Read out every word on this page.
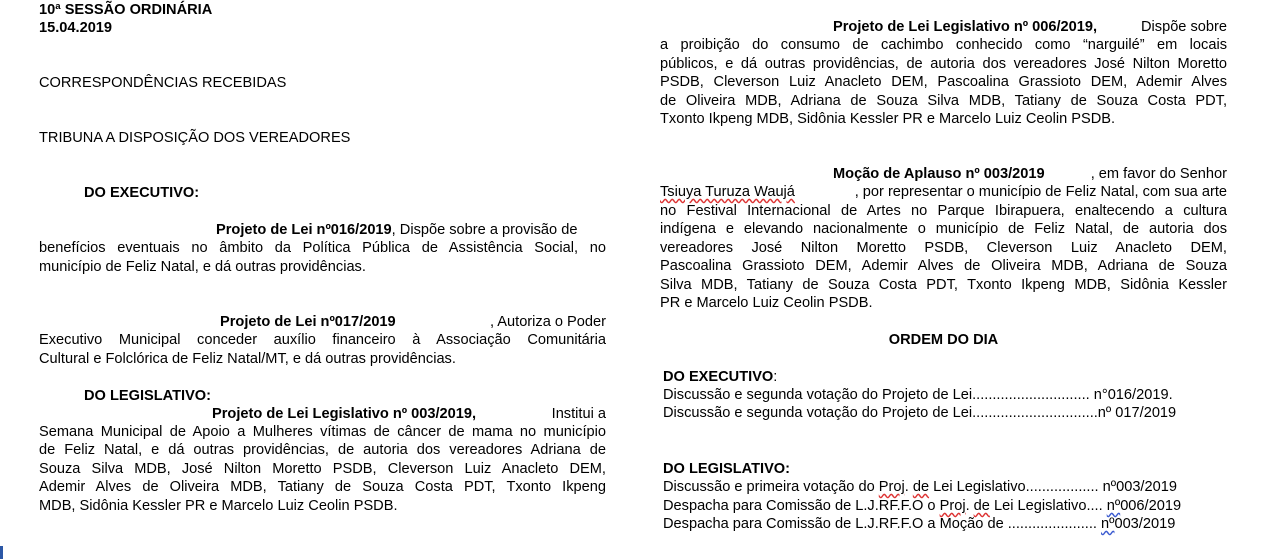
10ª SESSÃO ORDINÁRIA
15.04.2019
CORRESPONDÊNCIAS RECEBIDAS
TRIBUNA A DISPOSIÇÃO DOS VEREADORES
DO EXECUTIVO:
Projeto de Lei nº016/2019, Dispõe sobre a provisão de
benefícios eventuais no âmbito da Política Pública de Assistência Social, no
município de Feliz Natal, e dá outras providências.
Projeto de Lei nº017/2019	, Autoriza o Poder
Executivo Municipal conceder auxílio financeiro à Associação Comunitária
Cultural e Folclórica de Feliz Natal/MT, e dá outras providências.
DO LEGISLATIVO:
Projeto de Lei Legislativo nº 003/2019,	Institui a
Semana Municipal de Apoio a Mulheres vítimas de câncer de mama no município
de Feliz Natal, e dá outras providências, de autoria dos vereadores Adriana de
Souza Silva MDB, José Nilton Moretto PSDB, Cleverson Luiz Anacleto DEM,
Ademir Alves de Oliveira MDB, Tatiany de Souza Costa PDT, Txonto Ikpeng
MDB, Sidônia Kessler PR e Marcelo Luiz Ceolin PSDB.
Projeto de Lei Legislativo nº 006/2019,	Dispõe sobre
a proibição do consumo de cachimbo conhecido como “narguilé” em locais
públicos, e dá outras providências, de autoria dos vereadores José Nilton Moretto
PSDB, Cleverson Luiz Anacleto DEM, Pascoalina Grassioto DEM, Ademir Alves
de Oliveira MDB, Adriana de Souza Silva MDB, Tatiany de Souza Costa PDT,
Txonto Ikpeng MDB, Sidônia Kessler PR e Marcelo Luiz Ceolin PSDB.
Moção de Aplauso nº 003/2019	, em favor do Senhor
Tsiuya Turuza Waujá	, por representar o município de Feliz Natal, com sua arte
no Festival Internacional de Artes no Parque Ibirapuera, enaltecendo a cultura
indígena e elevando nacionalmente o município de Feliz Natal, de autoria dos
vereadores José Nilton Moretto PSDB, Cleverson Luiz Anacleto DEM,
Pascoalina Grassioto DEM, Ademir Alves de Oliveira MDB, Adriana de Souza
Silva MDB, Tatiany de Souza Costa PDT, Txonto Ikpeng MDB, Sidônia Kessler
PR e Marcelo Luiz Ceolin PSDB.
ORDEM DO DIA
DO EXECUTIVO:
Discussão e segunda votação do Projeto de Lei............................. n°016/2019.
Discussão e segunda votação do Projeto de Lei...............................nº 017/2019
DO LEGISLATIVO:
Discussão e primeira votação do Proj. de Lei Legislativo.................. nº003/2019
Despacha para Comissão de L.J.RF.F.O o Proj. de Lei Legislativo.... nº006/2019
Despacha para Comissão de L.J.RF.F.O a Moção de ...................... nº003/2019
